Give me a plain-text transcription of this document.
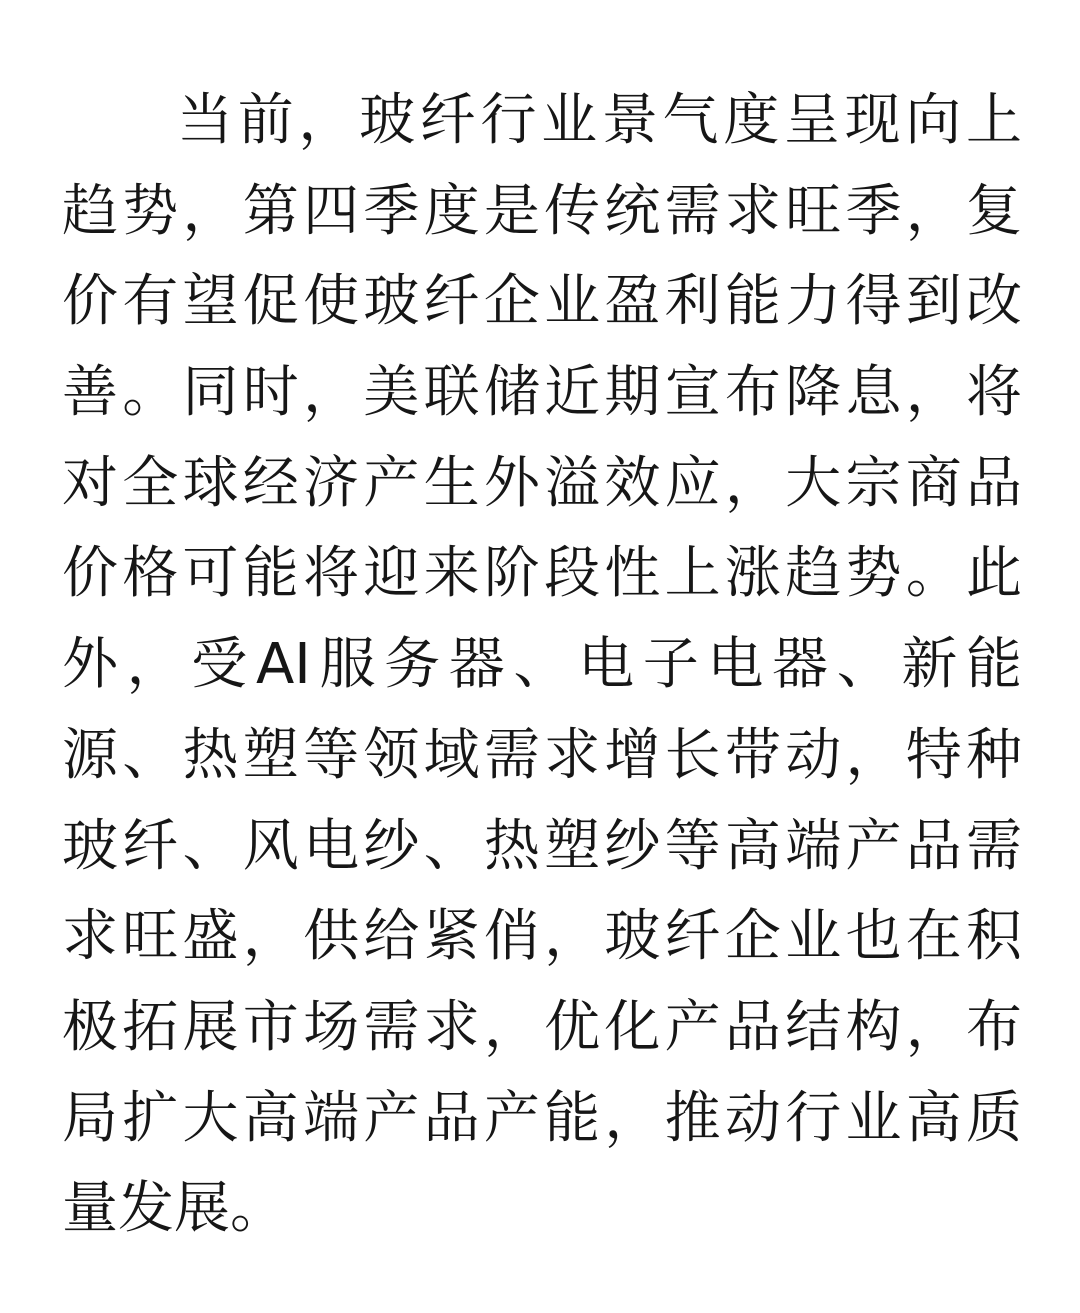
当前，玻纤行业景气度呈现向上
趋势，第四季度是传统需求旺季，复
价有望促使玻纤企业盈利能力得到改
善。同时，美联储近期宣布降息，将
对全球经济产生外溢效应，大宗商品
价格可能将迎来阶段性上涨趋势。此
外，受AI服务器、电子电器、新能
源、热塑等领域需求增长带动，特种
玻纤、风电纱、热塑纱等高端产品需
求旺盛，供给紧俏，玻纤企业也在积
极拓展市场需求，优化产品结构，布
局扩大高端产品产能，推动行业高质
量发展。
